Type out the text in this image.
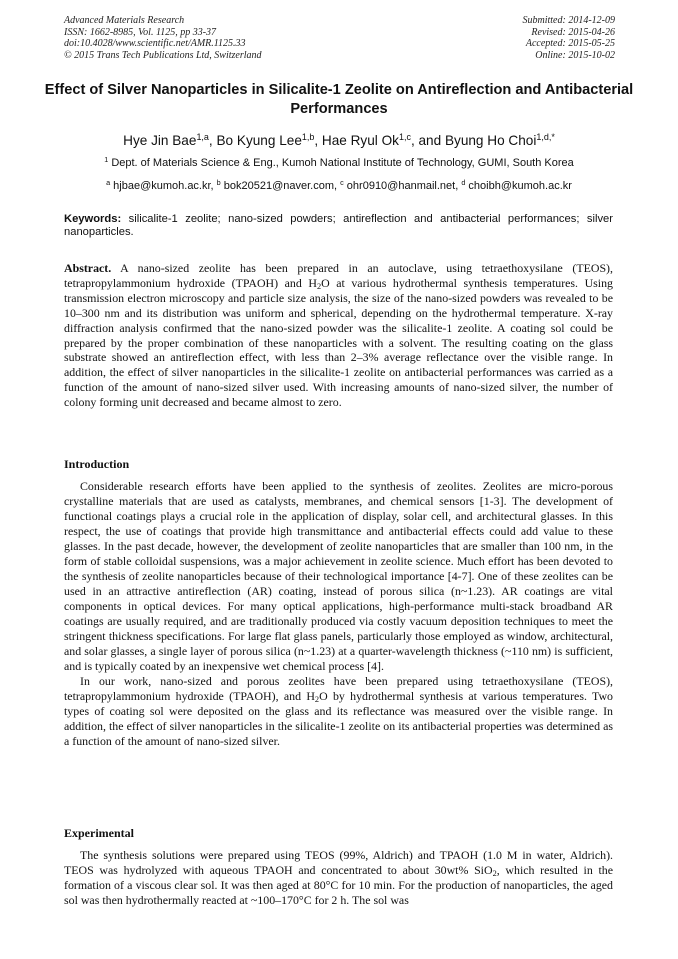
Advanced Materials Research
ISSN: 1662-8985, Vol. 1125, pp 33-37
doi:10.4028/www.scientific.net/AMR.1125.33
© 2015 Trans Tech Publications Ltd, Switzerland
Submitted: 2014-12-09
Revised: 2015-04-26
Accepted: 2015-05-25
Online: 2015-10-02
Effect of Silver Nanoparticles in Silicalite-1 Zeolite on Antireflection and Antibacterial Performances
Hye Jin Bae$^{1,a}$, Bo Kyung Lee$^{1,b}$, Hae Ryul Ok$^{1,c}$, and Byung Ho Choi$^{1,d,*}$
$^1$ Dept. of Materials Science & Eng., Kumoh National Institute of Technology, GUMI, South Korea
$^a$ hjbae@kumoh.ac.kr, $^b$ bok20521@naver.com, $^c$ ohr0910@hanmail.net, $^d$ choibh@kumoh.ac.kr
Keywords: silicalite-1 zeolite; nano-sized powders; antireflection and antibacterial performances; silver nanoparticles.

Abstract. A nano-sized zeolite has been prepared in an autoclave, using tetraethoxysilane (TEOS), tetrapropylammonium hydroxide (TPAOH) and $H_2O$ at various hydrothermal synthesis temperatures. Using transmission electron microscopy and particle size analysis, the size of the nano-sized powders was revealed to be 10–300 nm and its distribution was uniform and spherical, depending on the hydrothermal temperature. X-ray diffraction analysis confirmed that the nano-sized powder was the silicalite-1 zeolite. A coating sol could be prepared by the proper combination of these nanoparticles with a solvent. The resulting coating on the glass substrate showed an antireflection effect, with less than 2–3% average reflectance over the visible range. In addition, the effect of silver nanoparticles in the silicalite-1 zeolite on antibacterial performances was carried as a function of the amount of nano-sized silver used. With increasing amounts of nano-sized silver, the number of colony forming unit decreased and became almost to zero.

Introduction

Considerable research efforts have been applied to the synthesis of zeolites. Zeolites are micro-porous crystalline materials that are used as catalysts, membranes, and chemical sensors [1-3]. The development of functional coatings plays a crucial role in the application of display, solar cell, and architectural glasses. In this respect, the use of coatings that provide high transmittance and antibacterial effects could add value to these glasses. In the past decade, however, the development of zeolite nanoparticles that are smaller than 100 nm, in the form of stable colloidal suspensions, was a major achievement in zeolite science. Much effort has been devoted to the synthesis of zeolite nanoparticles because of their technological importance [4-7]. One of these zeolites can be used in an attractive antireflection (AR) coating, instead of porous silica (n~1.23). AR coatings are vital components in optical devices. For many optical applications, high-performance multi-stack broadband AR coatings are usually required, and are traditionally produced via costly vacuum deposition techniques to meet the stringent thickness specifications. For large flat glass panels, particularly those employed as window, architectural, and solar glasses, a single layer of porous silica (n~1.23) at a quarter-wavelength thickness (~110 nm) is sufficient, and is typically coated by an inexpensive wet chemical process [4].

In our work, nano-sized and porous zeolites have been prepared using tetraethoxysilane (TEOS), tetrapropylammonium hydroxide (TPAOH), and $H_2O$ by hydrothermal synthesis at various temperatures. Two types of coating sol were deposited on the glass and its reflectance was measured over the visible range. In addition, the effect of silver nanoparticles in the silicalite-1 zeolite on its antibacterial properties was determined as a function of the amount of nano-sized silver.

Experimental

The synthesis solutions were prepared using TEOS (99%, Aldrich) and TPAOH (1.0 M in water, Aldrich). TEOS was hydrolyzed with aqueous TPAOH and concentrated to about 30wt% SiO$_2$, which resulted in the formation of a viscous clear sol. It was then aged at 80°C for 10 min. For the production of nanoparticles, the aged sol was then hydrothermally reacted at ~100–170°C for 2 h. The sol was
